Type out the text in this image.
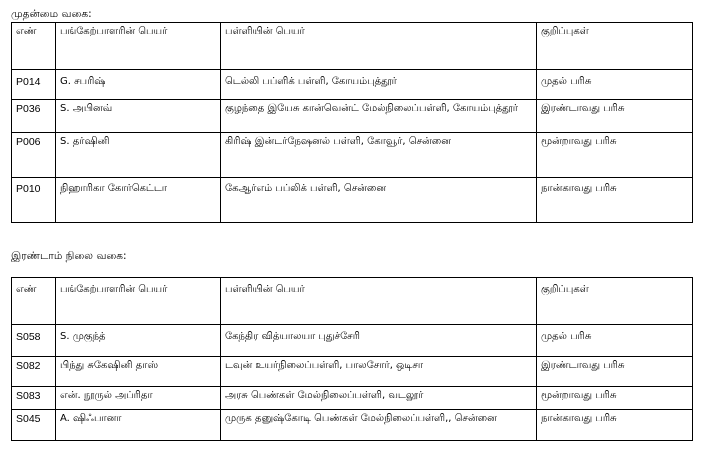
முதன்மை வகை:
எண்	பங்கேற்பாளரின் பெயர்	பள்ளியின் பெயர்	குறிப்புகள்
P014	G. சபரிஷ்	டெல்லி பப்ளிக் பள்ளி, கோயம்புத்தூர்	முதல் பரிசு
P036	S. அபினவ்	குழந்தை இயேசு கான்வென்ட் மேல்நிலைப்பள்ளி, கோயம்புத்தூர்	இரண்டாவது பரிசு
P006	S. தர்ஷினி	கிரிஷ் இன்டர்நேஷனல் பள்ளி, கோவூர், சென்னை	மூன்றாவது பரிசு
P010	நிஹாரிகா கோர்கெட்டா	கேஆர்எம் பப்லிக் பள்ளி, சென்னை	நான்காவது பரிசு
இரண்டாம் நிலை வகை:
எண்	பங்கேற்பாளரின் பெயர்	பள்ளியின் பெயர்	குறிப்புகள்
S058	S. முகுந்த்	கேந்திர வித்யாலயா புதுச்சேரி	முதல் பரிசு
S082	பிந்து சுகேஷினி தாஸ்	டவுன் உயர்நிலைப்பள்ளி, பாலசோர், ஒடிசா	இரண்டாவது பரிசு
S083	என். நூருல் அப்ரிதா	அரசு பெண்கள் மேல்நிலைப்பள்ளி, வடலூர்	மூன்றாவது பரிசு
S045	A. ஷிஃபானா	முருக தனுஷ்கோடி பெண்கள் மேல்நிலைப்பள்ளி,, சென்னை	நான்காவது பரிசு
